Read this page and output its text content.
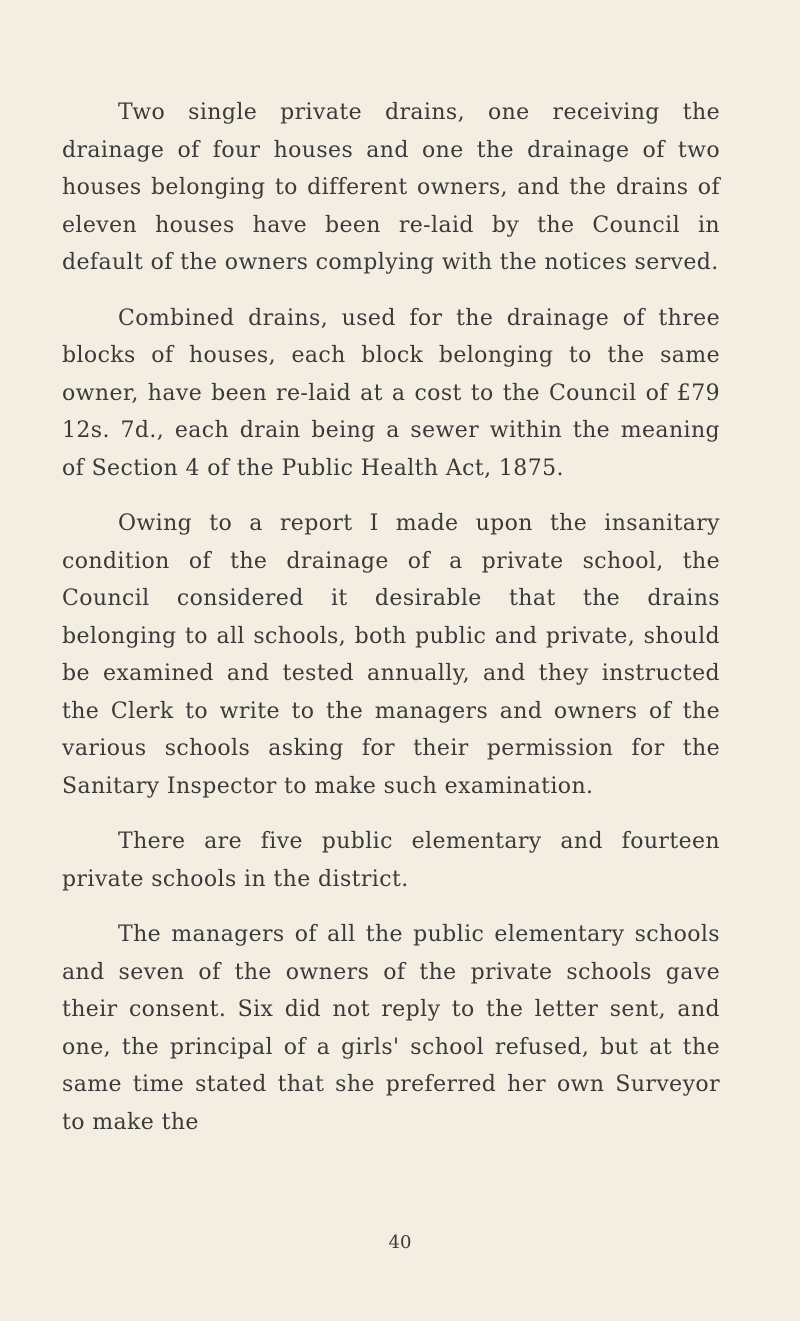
Two single private drains, one receiving the drainage of four houses and one the drainage of two houses belonging to different owners, and the drains of eleven houses have been re-laid by the Council in default of the owners complying with the notices served.

Combined drains, used for the drainage of three blocks of houses, each block belonging to the same owner, have been re-laid at a cost to the Council of £79 12s. 7d., each drain being a sewer within the meaning of Section 4 of the Public Health Act, 1875.

Owing to a report I made upon the insanitary condition of the drainage of a private school, the Council considered it desirable that the drains belonging to all schools, both public and private, should be examined and tested annually, and they instructed the Clerk to write to the managers and owners of the various schools asking for their permission for the Sanitary Inspector to make such examination.

There are five public elementary and fourteen private schools in the district.

The managers of all the public elementary schools and seven of the owners of the private schools gave their consent. Six did not reply to the letter sent, and one, the principal of a girls' school refused, but at the same time stated that she preferred her own Surveyor to make the

40
